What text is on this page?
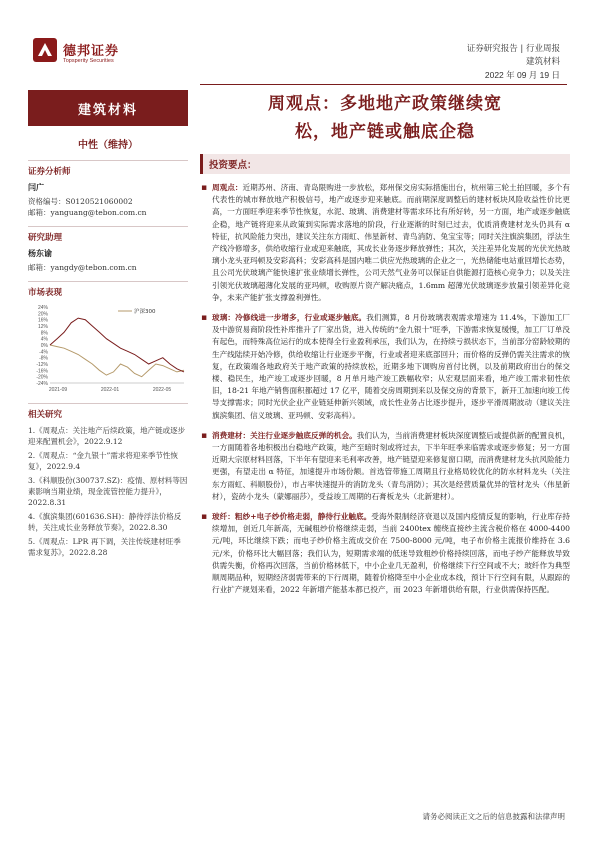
德邦证券
Topsperity Securities
证券研究报告 | 行业周报
建筑材料
2022 年 09 月 19 日
建筑材料
中性（维持）
证券分析师
闫广
资格编号：S0120521060002
邮箱：yanguang@tebon.com.cn
研究助理
杨东谕
邮箱：yangdy@tebon.com.cn
市场表现
24%
20%
16%
12%
8%
4%
0%
-4%
-8%
-12%
-16%
-20%
-24%
2021-09	2022-01	2022-05
沪深300
相关研究
1.《周观点：关注地产后续政策，地产链或逐步迎来配置机会》，2022.9.12
2.《周观点：“金九银十”需求将迎来季节性恢复》，2022.9.4
3.《科顺股份(300737.SZ)：疫情、原材料等因素影响当期业绩，现金流管控能力提升》，2022.8.31
4.《旗滨集团(601636.SH)：静待浮法价格反转，关注成长业务释放节奏》，2022.8.30
5.《周观点：LPR 再下调，关注传统建材旺季需求复苏》，2022.8.28
周观点：多地地产政策继续宽
松，地产链或触底企稳
投资要点：
▪ 周观点：近期苏州、济南、青岛限购进一步放松，郑州保交房实际措施出台，杭州第三轮土拍回暖，多个有代表性的城市释放地产积极信号，地产或逐步迎来触底。而前期深度调整后的建材板块风险收益性价比更高，一方面旺季迎来季节性恢复，水泥、玻璃、消费建材等需求环比有所好转，另一方面，地产或逐步触底企稳，地产链将迎来从政策到实际需求落地的阶段，行业逐渐的时刻已过去，优质消费建材龙头仍具有 α 特征，抗风险能力突出，建议关注东方雨虹、伟星新材、青鸟消防、兔宝宝等；同时关注旗滨集团，浮法生产线冷修增多，供给收缩行业或迎来触底，其成长业务逐步释放弹性；其次，关注差异化发展的光伏光热玻璃小龙头亚玛顿及安彩高科；安彩高科是国内唯二供应光热玻璃的企业之一，光热储能电站重回增长态势，且公司光伏玻璃产能快速扩张业绩增长弹性，公司天然气业务可以保证自供能源打造核心竞争力；以及关注引领光伏玻璃超薄化发展的亚玛顿，收购原片资产解决痛点，1.6mm 超薄光伏玻璃逐步放量引领差异化竞争，未来产能扩张支撑盈利弹性。
▪ 玻璃：冷修线进一步增多，行业或逐步触底。我们测算，8 月份玻璃表观需求增速为 11.4%，下游加工厂及中游贸易商阶段性补库推升了厂家出货，进入传统的“金九银十”旺季，下游需求恢复缓慢，加工厂订单没有起色，而特殊高位运行的成本使得全行业盈利承压，我们认为，在持续亏损状态下，当前部分窑龄较期的生产线陆续开始冷修，供给收缩让行业逐步平衡，行业或者迎来底部回升；而价格的反弹仍需关注需求的恢复，在政策端各地政府关于地产政策的持续放松，近期多地下调购房首付比例，以及前期政府出台的保交楼、稳民生，地产竣工或逐步回暖，8 月单月地产竣工跌幅收窄；从宏观层面来看，地产竣工需求韧性依旧，18-21 年地产销售面积都超过 17 亿平，随着交房周期到来以及保交房的背景下，新开工加速向竣工传导支撑需求；同时光伏企业产业链延伸新兴领域，成长性业务占比逐步提升，逐步平滑周期波动（建议关注旗滨集团、信义玻璃、亚玛顿、安彩高科）。
▪ 消费建材：关注行业逐步触底反弹的机会。我们认为，当前消费建材板块深度调整后或提供新的配置良机，一方面随着各地积极出台稳地产政策，地产至暗时刻或将过去，下半年旺季来临需求或逐步修复；另一方面近期大宗原材料回落，下半年有望迎来毛利率改善，地产链望迎来修复窗口期，而消费建材龙头抗风险能力更强，有望走出 α 特征，加速提升市场份额。首选管带施工周期且行业格局较优化的防水材料龙头（关注东方雨虹、科顺股份），市占率快速提升的消防龙头（青鸟消防）；其次是经营质量优异的管材龙头（伟星新材），瓷砖小龙头（蒙娜丽莎），受益竣工周期的石膏板龙头（北新建材）。
▪ 玻纤：粗纱+电子纱价格走弱，静待行业触底。受海外限制经济衰退以及国内疫情反复的影响，行业库存持续增加，创近几年新高，无碱粗纱价格继续走弱，当前 2400tex 缠绕直接纱主流含税价格在 4000-4400 元/吨，环比继续下跌；而电子纱价格主流成交价在 7500-8000 元/吨，电子布价格主流报价维持在 3.6 元/米，价格环比大幅回落；我们认为，短期需求端的低迷导致粗纱价格持续回落，而电子纱产能释放导致供需失衡，价格再次回落，当前价格林低下，中小企业几无盈利，价格继续下行空间或不大；玻纤作为典型顺周期品种，短期经济弱需带来的下行周期，随着价格降至中小企业成本线，预计下行空间有限，从跟踪的行业扩产规划来看，2022 年新增产能基本都已投产，而 2023 年新增供给有限，行业供需保持匹配。
请务必阅读正文之后的信息披露和法律声明
